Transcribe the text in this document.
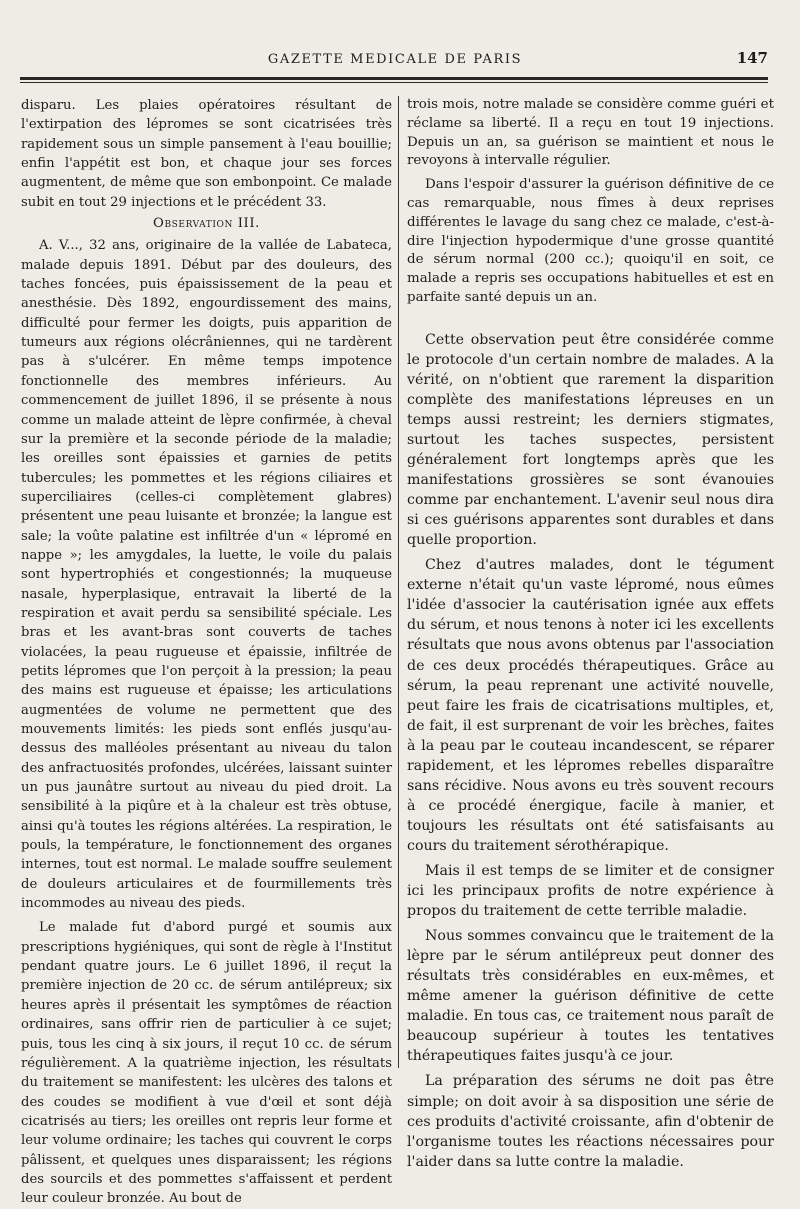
GAZETTE MEDICALE DE PARIS	147

disparu. Les plaies opératoires résultant de l'extirpation des lépromes se sont cicatrisées très rapidement sous un simple pansement à l'eau bouillie; enfin l'appétit est bon, et chaque jour ses forces augmentent, de même que son embonpoint. Ce malade subit en tout 29 injections et le précédent 33.

Observation III.

A. V..., 32 ans, originaire de la vallée de Labateca, malade depuis 1891. Début par des douleurs, des taches foncées, puis épaississement de la peau et anesthésie. Dès 1892, engourdissement des mains, difficulté pour fermer les doigts, puis apparition de tumeurs aux régions olécrâniennes, qui ne tardèrent pas à s'ulcérer. En même temps impotence fonctionnelle des membres inférieurs. Au commencement de juillet 1896, il se présente à nous comme un malade atteint de lèpre confirmée, à cheval sur la première et la seconde période de la maladie; les oreilles sont épaissies et garnies de petits tubercules; les pommettes et les régions ciliaires et superciliaires (celles-ci complètement glabres) présentent une peau luisante et bronzée; la langue est sale; la voûte palatine est infiltrée d'un « lépromé en nappe »; les amygdales, la luette, le voile du palais sont hypertrophiés et congestionnés; la muqueuse nasale, hyperplasique, entravait la liberté de la respiration et avait perdu sa sensibilité spéciale. Les bras et les avant-bras sont couverts de taches violacées, la peau rugueuse et épaissie, infiltrée de petits lépromes que l'on perçoit à la pression; la peau des mains est rugueuse et épaisse; les articulations augmentées de volume ne permettent que des mouvements limités: les pieds sont enflés jusqu'au-dessus des malléoles présentant au niveau du talon des anfractuosités profondes, ulcérées, laissant suinter un pus jaunâtre surtout au niveau du pied droit. La sensibilité à la piqûre et à la chaleur est très obtuse, ainsi qu'à toutes les régions altérées. La respiration, le pouls, la température, le fonctionnement des organes internes, tout est normal. Le malade souffre seulement de douleurs articulaires et de fourmillements très incommodes au niveau des pieds.

Le malade fut d'abord purgé et soumis aux prescriptions hygiéniques, qui sont de règle à l'Institut pendant quatre jours. Le 6 juillet 1896, il reçut la première injection de 20 cc. de sérum antilépreux; six heures après il présentait les symptômes de réaction ordinaires, sans offrir rien de particulier à ce sujet; puis, tous les cinq à six jours, il reçut 10 cc. de sérum régulièrement. A la quatrième injection, les résultats du traitement se manifestent: les ulcères des talons et des coudes se modifient à vue d'œil et sont déjà cicatrisés au tiers; les oreilles ont repris leur forme et leur volume ordinaire; les taches qui couvrent le corps pâlissent, et quelques unes disparaissent; les régions des sourcils et des pommettes s'affaissent et perdent leur couleur bronzée. Au bout de

trois mois, notre malade se considère comme guéri et réclame sa liberté. Il a reçu en tout 19 injections. Depuis un an, sa guérison se maintient et nous le revoyons à intervalle régulier.

Dans l'espoir d'assurer la guérison définitive de ce cas remarquable, nous fîmes à deux reprises différentes le lavage du sang chez ce malade, c'est-à-dire l'injection hypodermique d'une grosse quantité de sérum normal (200 cc.); quoiqu'il en soit, ce malade a repris ses occupations habituelles et est en parfaite santé depuis un an.

Cette observation peut être considérée comme le protocole d'un certain nombre de malades. A la vérité, on n'obtient que rarement la disparition complète des manifestations lépreuses en un temps aussi restreint; les derniers stigmates, surtout les taches suspectes, persistent généralement fort longtemps après que les manifestations grossières se sont évanouies comme par enchantement. L'avenir seul nous dira si ces guérisons apparentes sont durables et dans quelle proportion.

Chez d'autres malades, dont le tégument externe n'était qu'un vaste lépromé, nous eûmes l'idée d'associer la cautérisation ignée aux effets du sérum, et nous tenons à noter ici les excellents résultats que nous avons obtenus par l'association de ces deux procédés thérapeutiques. Grâce au sérum, la peau reprenant une activité nouvelle, peut faire les frais de cicatrisations multiples, et, de fait, il est surprenant de voir les brèches, faites à la peau par le couteau incandescent, se réparer rapidement, et les lépromes rebelles disparaître sans récidive. Nous avons eu très souvent recours à ce procédé énergique, facile à manier, et toujours les résultats ont été satisfaisants au cours du traitement sérothérapique.

Mais il est temps de se limiter et de consigner ici les principaux profits de notre expérience à propos du traitement de cette terrible maladie.

Nous sommes convaincu que le traitement de la lèpre par le sérum antilépreux peut donner des résultats très considérables en eux-mêmes, et même amener la guérison définitive de cette maladie. En tous cas, ce traitement nous paraît de beaucoup supérieur à toutes les tentatives thérapeutiques faites jusqu'à ce jour.

La préparation des sérums ne doit pas être simple; on doit avoir à sa disposition une série de ces produits d'activité croissante, afin d'obtenir de l'organisme toutes les réactions nécessaires pour l'aider dans sa lutte contre la maladie.
